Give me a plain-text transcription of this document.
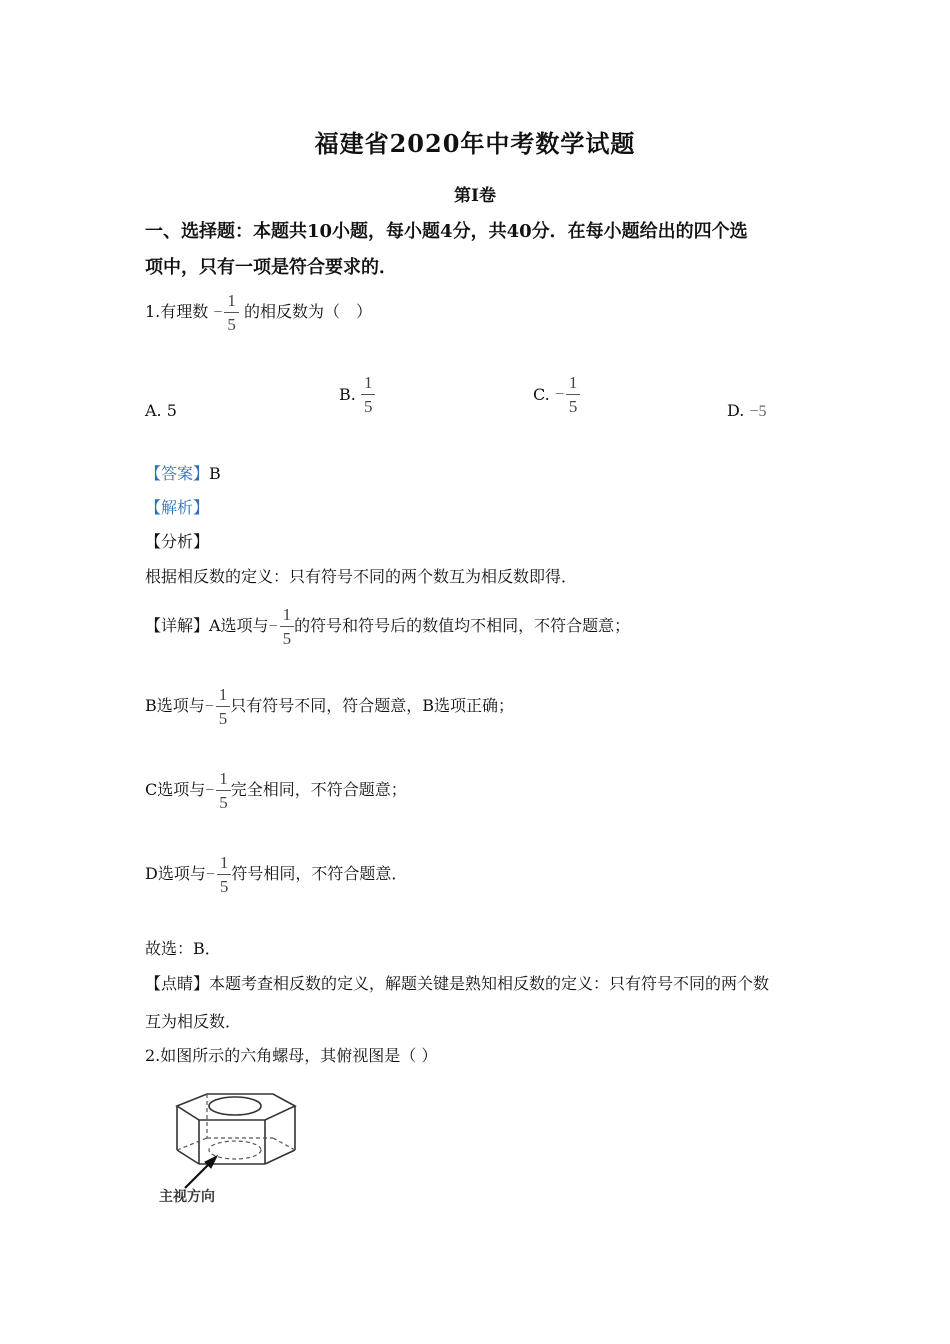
福建省2020年中考数学试题
第Ⅰ卷
一、选择题：本题共10小题，每小题4分，共40分．在每小题给出的四个选
项中，只有一项是符合要求的．
1.有理数 − $\frac{1}{5}$ 的相反数为（　）
A. 5
B. $\frac{1}{5}$	C. − $\frac{1}{5}$	D. −5
【答案】B
【解析】
【分析】
根据相反数的定义：只有符号不同的两个数互为相反数即得．
【详解】A选项与− $\frac{1}{5}$ 的符号和符号后的数值均不相同，不符合题意；
B选项与− $\frac{1}{5}$ 只有符号不同，符合题意，B选项正确；
C选项与− $\frac{1}{5}$ 完全相同，不符合题意；
D选项与− $\frac{1}{5}$ 符号相同，不符合题意．
故选：B．
【点睛】本题考查相反数的定义，解题关键是熟知相反数的定义：只有符号不同的两个数
互为相反数．
2.如图所示的六角螺母，其俯视图是（ ）
主视方向
